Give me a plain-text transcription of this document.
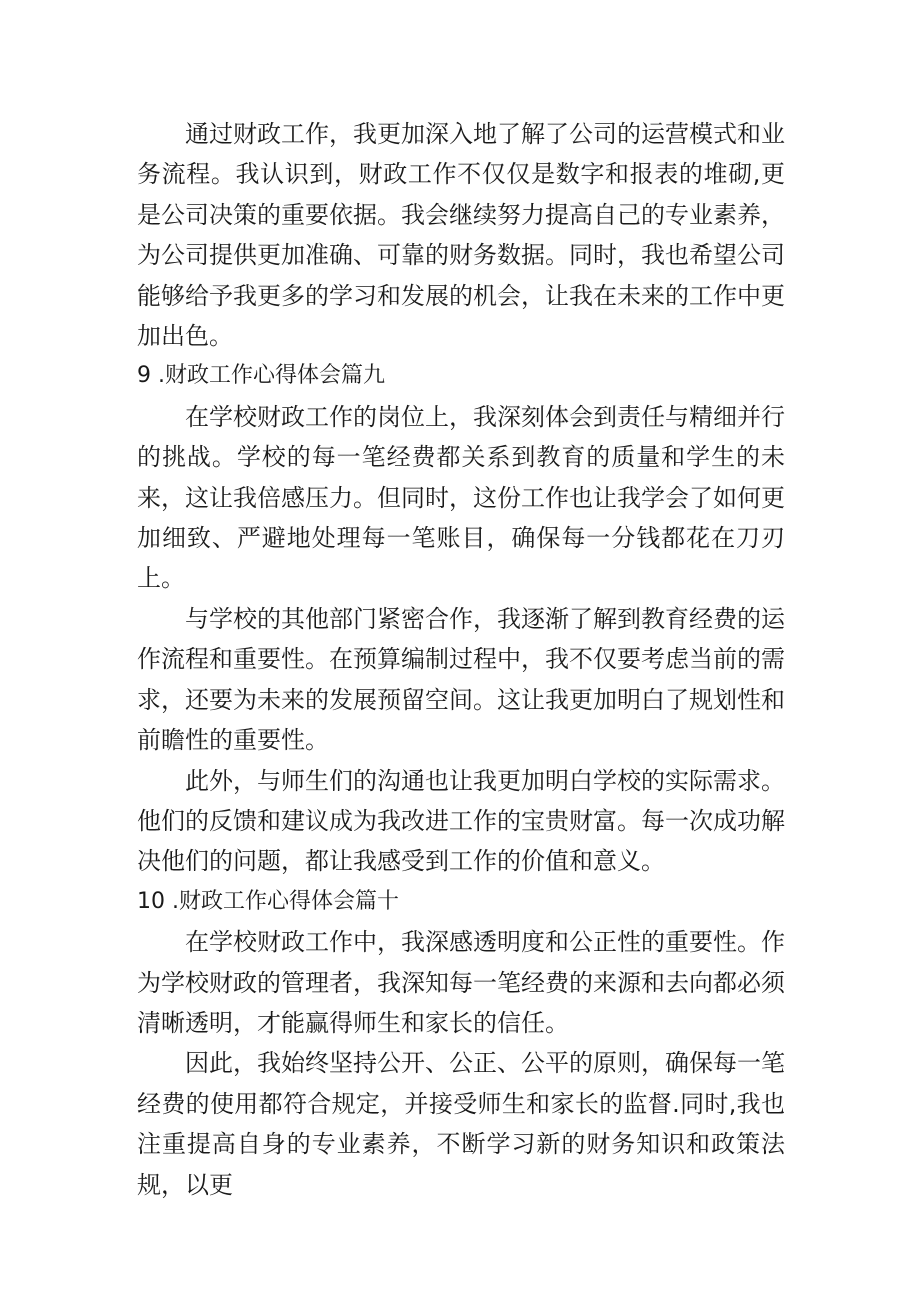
通过财政工作，我更加深入地了解了公司的运营模式和业务流程。我认识到，财政工作不仅仅是数字和报表的堆砌,更是公司决策的重要依据。我会继续努力提高自己的专业素养，为公司提供更加准确、可靠的财务数据。同时，我也希望公司能够给予我更多的学习和发展的机会，让我在未来的工作中更加出色。

9 .财政工作心得体会篇九

在学校财政工作的岗位上，我深刻体会到责任与精细并行的挑战。学校的每一笔经费都关系到教育的质量和学生的未来，这让我倍感压力。但同时，这份工作也让我学会了如何更加细致、严避地处理每一笔账目，确保每一分钱都花在刀刃上。

与学校的其他部门紧密合作，我逐渐了解到教育经费的运作流程和重要性。在预算编制过程中，我不仅要考虑当前的需求，还要为未来的发展预留空间。这让我更加明白了规划性和前瞻性的重要性。

此外，与师生们的沟通也让我更加明白学校的实际需求。他们的反馈和建议成为我改进工作的宝贵财富。每一次成功解决他们的问题，都让我感受到工作的价值和意义。

10 .财政工作心得体会篇十

在学校财政工作中，我深感透明度和公正性的重要性。作为学校财政的管理者，我深知每一笔经费的来源和去向都必须清晰透明，才能赢得师生和家长的信任。

因此，我始终坚持公开、公正、公平的原则，确保每一笔经费的使用都符合规定，并接受师生和家长的监督.同时,我也注重提高自身的专业素养，不断学习新的财务知识和政策法规，以更
